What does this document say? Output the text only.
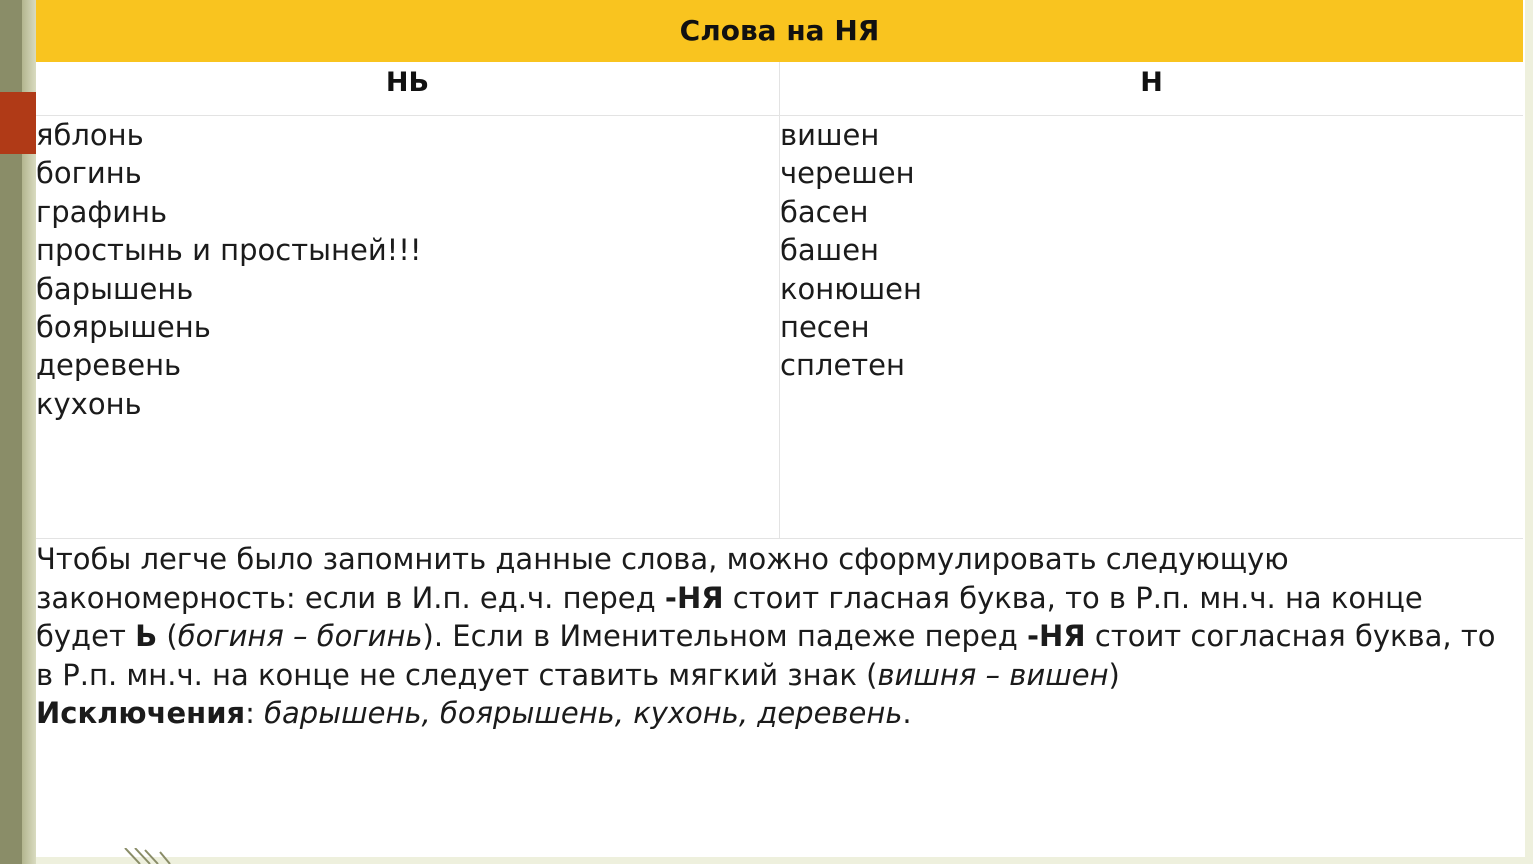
Слова на НЯ
НЬ	Н
яблонь
богинь
графинь
простынь и простыней!!!
барышень
боярышень
деревень
кухонь
вишен
черешен
басен
башен
конюшен
песен
сплетен
Чтобы легче было запомнить данные слова, можно сформулировать следующую закономерность: если в И.п. ед.ч. перед -НЯ стоит гласная буква, то в Р.п. мн.ч. на конце будет Ь (богиня – богинь). Если в Именительном падеже перед -НЯ стоит согласная буква, то в Р.п. мн.ч. на конце не следует ставить мягкий знак (вишня – вишен)
Исключения: барышень, боярышень, кухонь, деревень.
